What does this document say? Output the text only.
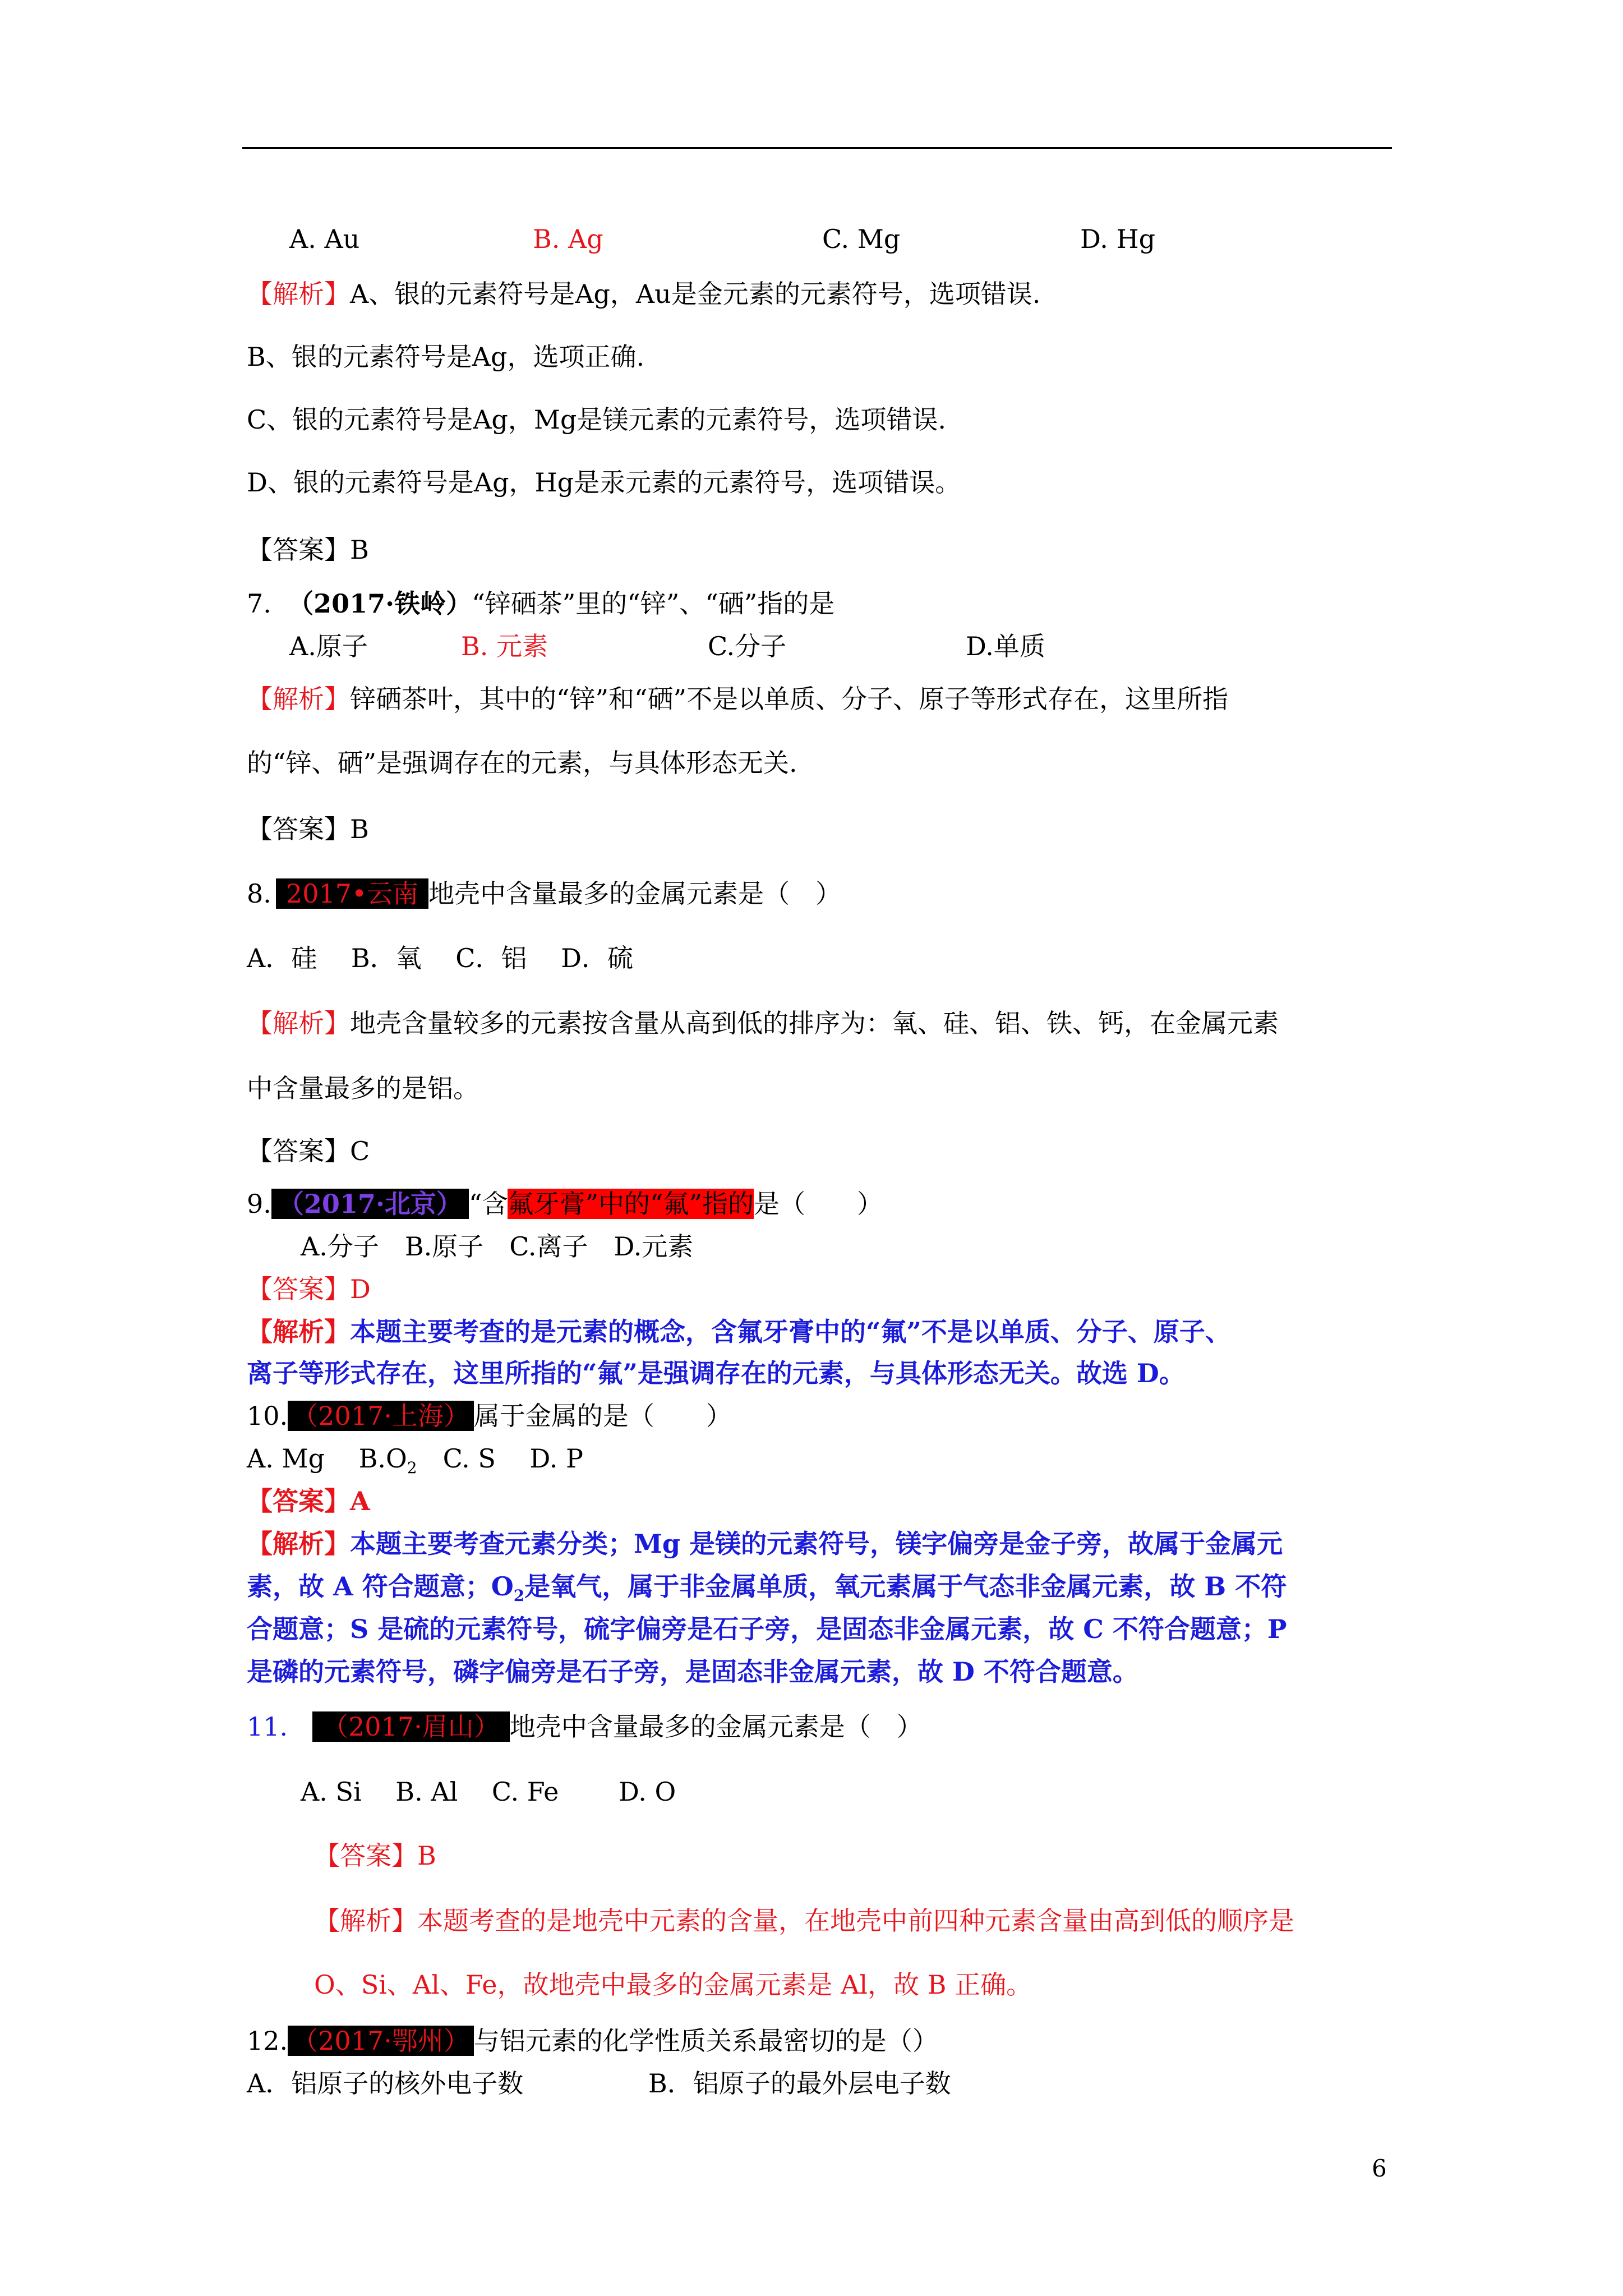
A. Au	B. Ag	C. Mg	D. Hg
【解析】A、银的元素符号是Ag，Au是金元素的元素符号，选项错误.
B、银的元素符号是Ag，选项正确.
C、银的元素符号是Ag，Mg是镁元素的元素符号，选项错误.
D、银的元素符号是Ag，Hg是汞元素的元素符号，选项错误。
【答案】B
7. （2017·铁岭）“锌硒茶”里的“锌”、“硒”指的是
A.原子	B. 元素	C.分子	D.单质
【解析】锌硒茶叶，其中的“锌”和“硒”不是以单质、分子、原子等形式存在，这里所指
的“锌、硒”是强调存在的元素，与具体形态无关.
【答案】B
8. 2017•云南 地壳中含量最多的金属元素是（　）
A．硅　 B．氧　 C．铝　 D．硫
【解析】地壳含量较多的元素按含量从高到低的排序为：氧、硅、铝、铁、钙，在金属元素
中含量最多的是铝。
【答案】C
9. （2017·北京） “含氟牙膏”中的“氟”指的是（　　）
A.分子　B.原子　C.离子　D.元素
【答案】D
【解析】本题主要考查的是元素的概念，含氟牙膏中的“氟”不是以单质、分子、原子、
离子等形式存在，这里所指的“氟”是强调存在的元素，与具体形态无关。故选 D。
10. （2017·上海） 属于金属的是（　　）
A. Mg　 $B.O_2$　C. S　 D. P
【答案】A
【解析】本题主要考查元素分类；Mg 是镁的元素符号，镁字偏旁是金子旁，故属于金属元
素，故 A 符合题意；$O_2$是氧气，属于非金属单质，氧元素属于气态非金属元素，故 B 不符
合题意；S 是硫的元素符号，硫字偏旁是石子旁，是固态非金属元素，故 C 不符合题意；P
是磷的元素符号，磷字偏旁是石子旁，是固态非金属元素，故 D 不符合题意。
11. （2017·眉山） 地壳中含量最多的金属元素是（　）
A. Si　 B. Al　 C. Fe　　 D. O
【答案】B
【解析】本题考查的是地壳中元素的含量，在地壳中前四种元素含量由高到低的顺序是
O、Si、Al、Fe，故地壳中最多的金属元素是 Al，故 B 正确。
12. （2017·鄂州） 与铝元素的化学性质关系最密切的是（）
A．铝原子的核外电子数	B．铝原子的最外层电子数
6
